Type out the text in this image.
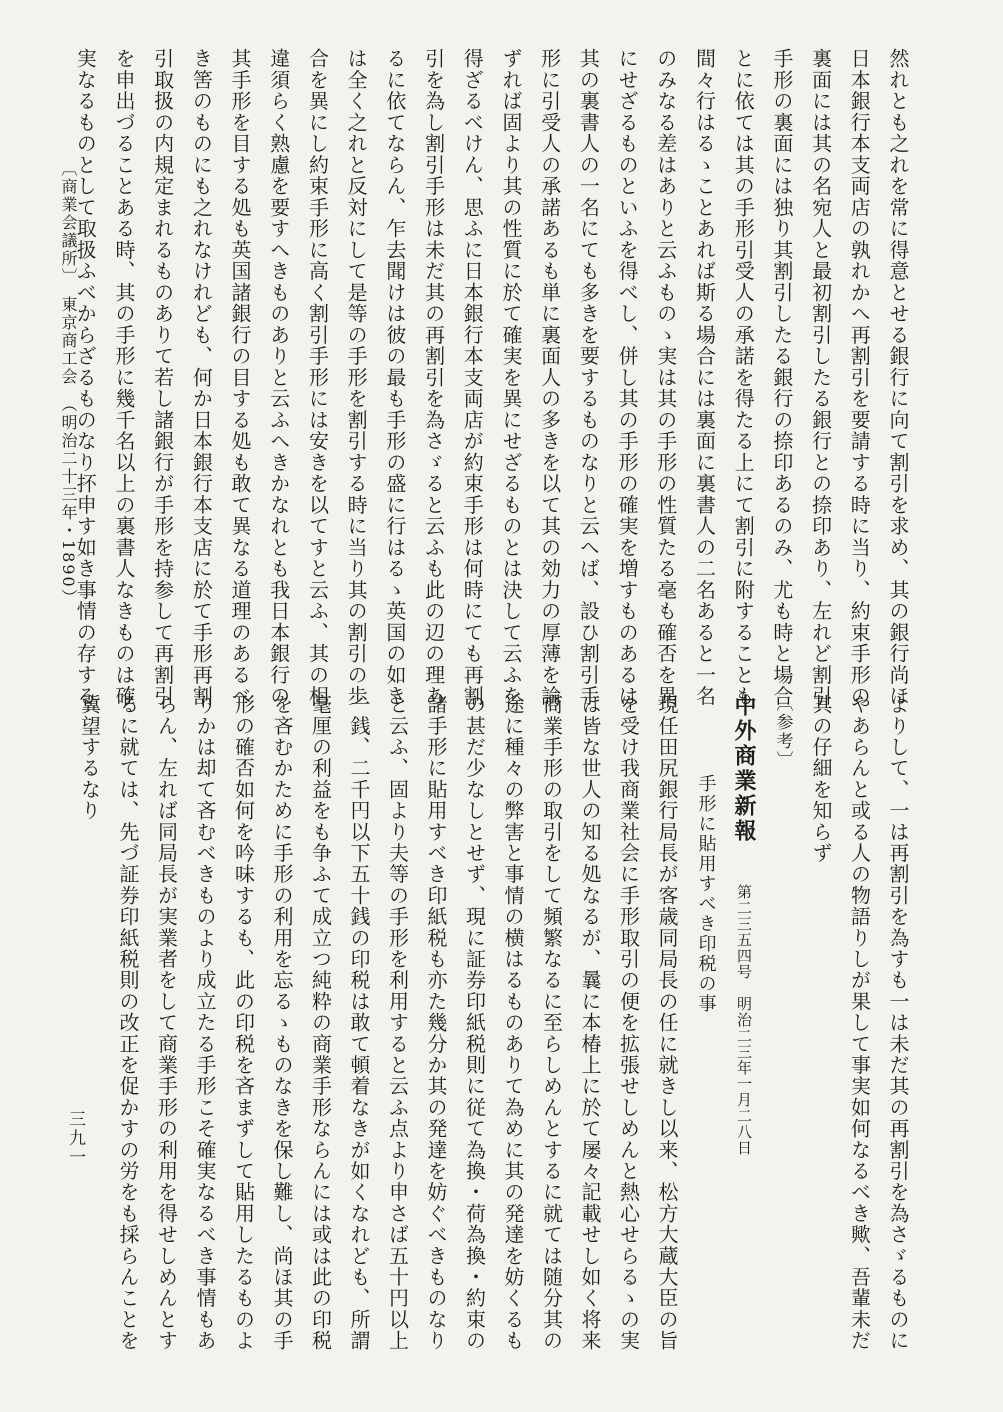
然れとも之れを常に得意とせる銀行に向て割引を求め、其の銀行尚ほ
日本銀行本支両店の孰れかへ再割引を要請する時に当り、約束手形の
裏面には其の名宛人と最初割引したる銀行との捺印あり、左れど割引
手形の裏面には独り其割引したる銀行の捺印あるのみ、尤も時と場合
とに依ては其の手形引受人の承諾を得たる上にて割引に附することも
間々行はるゝことあれば斯る場合には裏面に裏書人の二名あると一名
のみなる差はありと云ふものゝ実は其の手形の性質たる毫も確否を異
にせざるものといふを得べし、併し其の手形の確実を増すものあるは
其の裏書人の一名にても多きを要するものなりと云へば、設ひ割引手
形に引受人の承諾あるも単に裏面人の多きを以て其の効力の厚薄を論
ずれば固より其の性質に於て確実を異にせざるものとは決して云ふを
得ざるべけん、思ふに日本銀行本支両店が約束手形は何時にても再割
引を為し割引手形は未だ其の再割引を為さゞると云ふも此の辺の理あ
るに依てならん、乍去聞けは彼の最も手形の盛に行はるゝ英国の如き
は全く之れと反対にして是等の手形を割引する時に当り其の割引の歩
合を異にし約束手形に高く割引手形には安きを以てすと云ふ、其の相
違須らく熟慮を要すへきものありと云ふへきかなれとも我日本銀行の
其手形を目する処も英国諸銀行の目する処も敢て異なる道理のあるべ
き筈のものにも之れなけれども、何か日本銀行本支店に於て手形再割
引取扱の内規定まれるものありて若し諸銀行が手形を持参して再割引
を申出づることある時、其の手形に幾千名以上の裏書人なきものは確
実なるものとして取扱ふべからざるものなり抔申す如き事情の存する
よりして、一は再割引を為すも一は未だ其の再割引を為さゞるものに
やあらんと或る人の物語りしが果して事実如何なるべき歟、吾輩未だ
其の仔細を知らず
〔参考〕
中外商業新報第二三五四号　明治二三年一月二八日
手形に貼用すべき印税の事
現任田尻銀行局長が客歳同局長の任に就きし以来、松方大蔵大臣の旨
を受け我商業社会に手形取引の便を拡張せしめんと熱心せらるゝの実
は皆な世人の知る処なるが、曩に本椿上に於て屡々記載せし如く将来
商業手形の取引をして頻繁なるに至らしめんとするに就ては随分其の
途に種々の弊害と事情の横はるものありて為めに其の発達を妨くるも
の甚だ少なしとせず、現に証券印紙税則に従て為換・荷為換・約束の
諸手形に貼用すべき印紙税も亦た幾分か其の発達を妨ぐべきものなり
と云ふ、固より夫等の手形を利用すると云ふ点より申さば五十円以上
一銭、二千円以下五十銭の印税は敢て頓着なきが如くなれども、所謂
毫厘の利益をも争ふて成立つ純粋の商業手形ならんには或は此の印税
を吝むかために手形の利用を忘るゝものなきを保し難し、尚ほ其の手
形の確否如何を吟味するも、此の印税を吝まずして貼用したるものよ
りかは却て吝むべきものより成立たる手形こそ確実なるべき事情もあ
らん、左れば同局長が実業者をして商業手形の利用を得せしめんとす
るに就ては、先づ証券印紙税則の改正を促かすの労をも採らんことを
冀望するなり
〔商業会議所〕　東京商工会　（明治二十三年・1890）
三九一
